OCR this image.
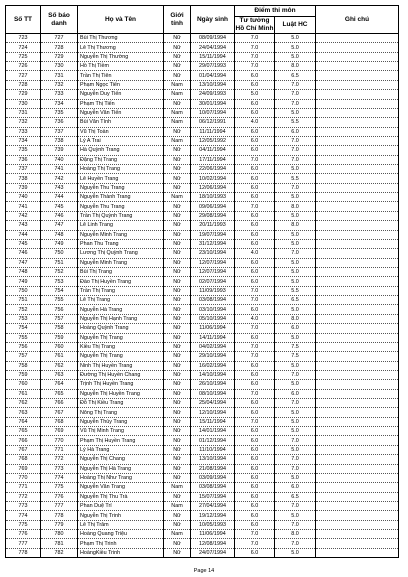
Số TT	Số báo danh	Họ và Tên	Giới tính	Ngày sinh	Điểm thi môn		Ghi chú
					Tư tưởng Hồ Chí Minh	Luật HC	
723	727	Bùi Thị Thương	Nữ	08/09/1994	7.0	5.0	
724	728	Lê Thị Thương	Nữ	24/04/1994	7.0	5.0	
725	729	Nguyễn Thị Thường	Nữ	15/11/1994	7.0	5.0	
726	730	Hồ Thị Tiềm	Nữ	29/07/1993	7.0	8.0	
727	731	Trần Thị Tiên	Nữ	01/04/1994	6.0	6.5	
728	732	Phạm Ngọc Tiến	Nam	13/10/1994	6.0	7.0	
729	733	Nguyễn Duy Tiến	Nam	24/09/1993	5.0	7.0	
730	734	Phạm Thị Tiến	Nữ	30/01/1994	6.0	7.0	
731	735	Nguyễn Văn Tiến	Nam	10/07/1994	6.0	5.0	
732	736	Bùi Văn Tính	Nam	06/12/1991	4.0	5.5	
733	737	Vũ Thị Toàn	Nữ	11/11/1994	6.0	6.0	
734	738	Lý A Trai	Nam	12/05/1992	6.0	7.0	
735	739	Hà Quỳnh Trang	Nữ	04/11/1994	6.0	7.0	
736	740	Đặng Thị Trang	Nữ	17/11/1994	7.0	7.0	
737	741	Hoàng Thị Trang	Nữ	22/06/1994	6.0	5.0	
738	742	Lê Huyền Trang	Nữ	10/02/1994	6.0	5.5	
739	743	Nguyễn Thu Trang	Nữ	12/06/1994	6.0	7.0	
740	744	Nguyễn Thành Trang	Nam	18/10/1993	6.0	5.0	
741	745	Nguyễn Thu Trang	Nữ	09/06/1994	7.0	8.0	
742	746	Trần Thị Quỳnh Trang	Nữ	29/08/1994	6.0	5.0	
743	747	Lê Linh Trang	Nữ	20/11/1993	6.0	8.0	
744	748	Nguyễn Minh Trang	Nữ	19/07/1994	6.0	5.0	
745	749	Phan Thu Trang	Nữ	31/12/1994	6.0	5.0	
746	750	Lương Thị Quỳnh Trang	Nữ	23/10/1994	4.0	7.0	
747	751	Nguyễn Minh Trang	Nữ	12/07/1994	6.0	5.0	
748	752	Bùi Thị Trang	Nữ	12/07/1994	6.0	5.0	
749	753	Đào Thị Huyền Trang	Nữ	02/07/1994	6.0	5.0	
750	754	Trần Thị Trang	Nữ	11/09/1993	7.0	5.5	
751	755	Lê Thị Trang	Nữ	03/08/1994	7.0	6.5	
752	756	Nguyễn Hà Trang	Nữ	03/10/1994	6.0	5.0	
753	757	Nguyễn Thị Hạnh Trang	Nữ	05/10/1994	4.0	8.0	
754	758	Hoàng Quỳnh Trang	Nữ	11/06/1994	7.0	6.0	
755	759	Nguyễn Thị Trang	Nữ	14/11/1994	6.0	5.0	
756	760	Kiều Thị Trang	Nữ	04/02/1994	7.0	7.5	
757	761	Nguyễn Thị Trang	Nữ	29/10/1994	7.0	7.5	
758	762	Ninh Thị Huyền Trang	Nữ	16/02/1994	6.0	5.0	
759	763	Đường Thị Huyền Chang	Nữ	14/10/1994	6.0	7.0	
760	764	Trịnh Thị Huyền Trang	Nữ	26/10/1994	6.0	5.0	
761	765	Nguyễn Thị Huyền Trang	Nữ	08/10/1994	7.0	6.0	
762	766	Đỗ Thị Kiều Trang	Nữ	25/04/1994	6.0	7.0	
763	767	Nông Thị Trang	Nữ	12/10/1994	6.0	5.0	
764	768	Nguyễn Thùy Trang	Nữ	15/11/1994	7.0	5.0	
765	769	Vũ Thị Minh Trang	Nữ	14/01/1994	6.0	5.0	
766	770	Phạm Thị Huyền Trang	Nữ	01/12/1994	6.0	7.0	
767	771	Lý Hà Trang	Nữ	11/10/1994	6.0	5.0	
768	772	Nguyễn Thị Chang	Nữ	13/10/1994	6.0	7.0	
769	773	Nguyễn Thị Hà Trang	Nữ	21/08/1994	6.0	7.0	
770	774	Hoàng Thị Như Trang	Nữ	03/09/1994	6.0	5.0	
771	775	Nguyễn Văn Trang	Nam	03/08/1994	6.0	6.0	
772	776	Nguyễn Thị Thu Trà	Nữ	15/07/1994	6.0	6.5	
773	777	Phan Duệ Trí	Nam	27/04/1994	6.0	7.0	
774	778	Nguyễn Thị Trinh	Nữ	19/12/1994	6.0	5.0	
775	779	Lê Thị Trâm	Nữ	10/05/1993	6.0	7.0	
776	780	Hoàng Quang Triệu	Nam	11/06/1994	7.0	8.0	
777	781	Phạm Thị Trinh	Nữ	12/08/1994	7.0	7.0	
778	782	HoàngKiều Trinh	Nữ	24/07/1994	6.0	5.0	
Page 14
